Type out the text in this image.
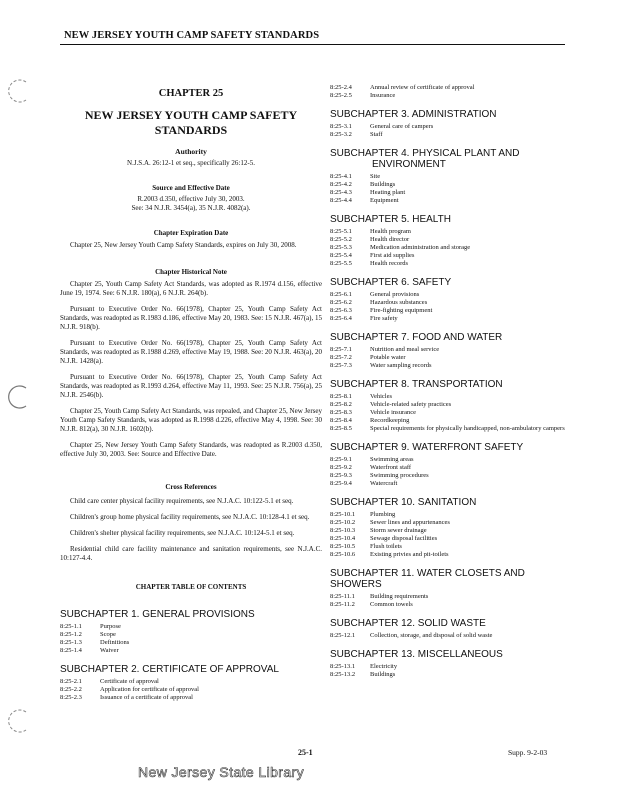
NEW JERSEY YOUTH CAMP SAFETY STANDARDS
CHAPTER 25
NEW JERSEY YOUTH CAMP SAFETY STANDARDS
Authority
N.J.S.A. 26:12-1 et seq., specifically 26:12-5.
Source and Effective Date
R.2003 d.350, effective July 30, 2003.
See: 34 N.J.R. 3454(a), 35 N.J.R. 4082(a).
Chapter Expiration Date
Chapter 25, New Jersey Youth Camp Safety Standards, expires on July 30, 2008.
Chapter Historical Note
Chapter 25, Youth Camp Safety Act Standards, was adopted as R.1974 d.156, effective June 19, 1974. See: 6 N.J.R. 180(a), 6 N.J.R. 264(b).
Pursuant to Executive Order No. 66(1978), Chapter 25, Youth Camp Safety Act Standards, was readopted as R.1983 d.186, effective May 20, 1983. See: 15 N.J.R. 467(a), 15 N.J.R. 918(b).
Pursuant to Executive Order No. 66(1978), Chapter 25, Youth Camp Safety Act Standards, was readopted as R.1988 d.269, effective May 19, 1988. See: 20 N.J.R. 463(a), 20 N.J.R. 1428(a).
Pursuant to Executive Order No. 66(1978), Chapter 25, Youth Camp Safety Act Standards, was readopted as R.1993 d.264, effective May 11, 1993. See: 25 N.J.R. 756(a), 25 N.J.R. 2546(b).
Chapter 25, Youth Camp Safety Act Standards, was repealed, and Chapter 25, New Jersey Youth Camp Safety Standards, was adopted as R.1998 d.226, effective May 4, 1998. See: 30 N.J.R. 812(a), 30 N.J.R. 1602(b).
Chapter 25, New Jersey Youth Camp Safety Standards, was readopted as R.2003 d.350, effective July 30, 2003. See: Source and Effective Date.
Cross References
Child care center physical facility requirements, see N.J.A.C. 10:122-5.1 et seq.
Children's group home physical facility requirements, see N.J.A.C. 10:128-4.1 et seq.
Children's shelter physical facility requirements, see N.J.A.C. 10:124-5.1 et seq.
Residential child care facility maintenance and sanitation requirements, see N.J.A.C. 10:127-4.4.
CHAPTER TABLE OF CONTENTS
SUBCHAPTER 1. GENERAL PROVISIONS
8:25-1.1	Purpose
8:25-1.2	Scope
8:25-1.3	Definitions
8:25-1.4	Waiver
SUBCHAPTER 2. CERTIFICATE OF APPROVAL
8:25-2.1	Certificate of approval
8:25-2.2	Application for certificate of approval
8:25-2.3	Issuance of a certificate of approval
8:25-2.4	Annual review of certificate of approval
8:25-2.5	Insurance
SUBCHAPTER 3. ADMINISTRATION
8:25-3.1	General care of campers
8:25-3.2	Staff
SUBCHAPTER 4. PHYSICAL PLANT AND
ENVIRONMENT
8:25-4.1	Site
8:25-4.2	Buildings
8:25-4.3	Heating plant
8:25-4.4	Equipment
SUBCHAPTER 5. HEALTH
8:25-5.1	Health program
8:25-5.2	Health director
8:25-5.3	Medication administration and storage
8:25-5.4	First aid supplies
8:25-5.5	Health records
SUBCHAPTER 6. SAFETY
8:25-6.1	General provisions
8:25-6.2	Hazardous substances
8:25-6.3	Fire-fighting equipment
8:25-6.4	Fire safety
SUBCHAPTER 7. FOOD AND WATER
8:25-7.1	Nutrition and meal service
8:25-7.2	Potable water
8:25-7.3	Water sampling records
SUBCHAPTER 8. TRANSPORTATION
8:25-8.1	Vehicles
8:25-8.2	Vehicle-related safety practices
8:25-8.3	Vehicle insurance
8:25-8.4	Recordkeeping
8:25-8.5	Special requirements for physically handicapped, non-ambulatory campers
SUBCHAPTER 9. WATERFRONT SAFETY
8:25-9.1	Swimming areas
8:25-9.2	Waterfront staff
8:25-9.3	Swimming procedures
8:25-9.4	Watercraft
SUBCHAPTER 10. SANITATION
8:25-10.1	Plumbing
8:25-10.2	Sewer lines and appurtenances
8:25-10.3	Storm sewer drainage
8:25-10.4	Sewage disposal facilities
8:25-10.5	Flush toilets
8:25-10.6	Existing privies and pit-toilets
SUBCHAPTER 11. WATER CLOSETS AND SHOWERS
8:25-11.1	Building requirements
8:25-11.2	Common towels
SUBCHAPTER 12. SOLID WASTE
8:25-12.1	Collection, storage, and disposal of solid waste
SUBCHAPTER 13. MISCELLANEOUS
8:25-13.1	Electricity
8:25-13.2	Buildings
25-1	Supp. 9-2-03
New Jersey State Library
